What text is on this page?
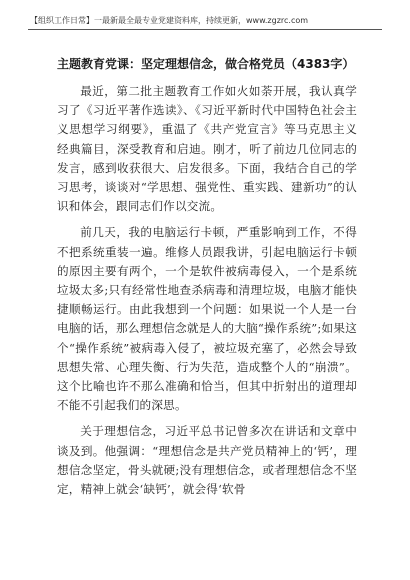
【组织工作日常】一最新最全最专业党建资料库，持续更新，www.zgzrc.com
主题教育党课：坚定理想信念，做合格党员（4383字）

最近，第二批主题教育工作如火如荼开展，我认真学习了《习近平著作选读》、《习近平新时代中国特色社会主义思想学习纲要》，重温了《共产党宣言》等马克思主义经典篇目，深受教育和启迪。刚才，听了前边几位同志的发言，感到收获很大、启发很多。下面，我结合自己的学习思考，谈谈对“学思想、强党性、重实践、建新功”的认识和体会，跟同志们作以交流。

前几天，我的电脑运行卡顿，严重影响到工作，不得不把系统重装一遍。维修人员跟我讲，引起电脑运行卡顿的原因主要有两个，一个是软件被病毒侵入，一个是系统垃圾太多;只有经常性地查杀病毒和清理垃圾，电脑才能快捷顺畅运行。由此我想到一个问题：如果说一个人是一台电脑的话，那么理想信念就是人的大脑“操作系统”;如果这个“操作系统”被病毒入侵了，被垃圾充塞了，必然会导致思想失常、心理失衡、行为失范，造成整个人的“崩溃”。这个比喻也许不那么准确和恰当，但其中折射出的道理却不能不引起我们的深思。

关于理想信念，习近平总书记曾多次在讲话和文章中谈及到。他强调：“理想信念是共产党员精神上的‘钙’，理想信念坚定，骨头就硬;没有理想信念，或者理想信念不坚定，精神上就会‘缺钙’，就会得‘软骨
